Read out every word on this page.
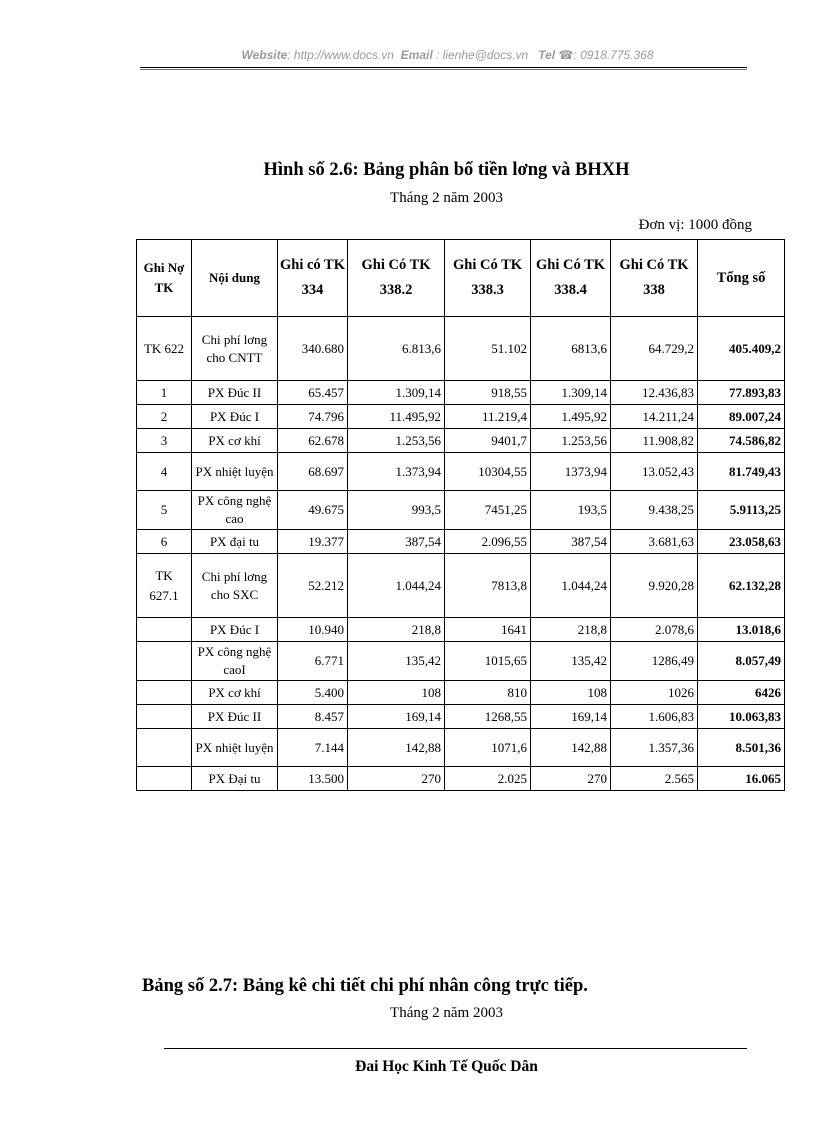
Website: http://www.docs.vn Email : lienhe@docs.vn Tel ☎: 0918.775.368
Hình số 2.6: Bảng phân bổ tiền lơng và BHXH
Tháng 2 năm 2003
Đơn vị: 1000 đồng
Ghi Nợ TK	Nội dung	Ghi có TK 334	Ghi Có TK 338.2	Ghi Có TK 338.3	Ghi Có TK 338.4	Ghi Có TK 338	Tổng số
TK 622	Chi phí lơng cho CNTT	340.680	6.813,6	51.102	6813,6	64.729,2	405.409,2
1	PX Đúc II	65.457	1.309,14	918,55	1.309,14	12.436,83	77.893,83
2	PX Đúc I	74.796	11.495,92	11.219,4	1.495,92	14.211,24	89.007,24
3	PX cơ khí	62.678	1.253,56	9401,7	1.253,56	11.908,82	74.586,82
4	PX nhiệt luyện	68.697	1.373,94	10304,55	1373,94	13.052,43	81.749,43
5	PX công nghệ cao	49.675	993,5	7451,25	193,5	9.438,25	5.9113,25
6	PX đại tu	19.377	387,54	2.096,55	387,54	3.681,63	23.058,63
TK 627.1	Chi phí lơng cho SXC	52.212	1.044,24	7813,8	1.044,24	9.920,28	62.132,28
	PX Đúc I	10.940	218,8	1641	218,8	2.078,6	13.018,6
	PX công nghệ caoI	6.771	135,42	1015,65	135,42	1286,49	8.057,49
	PX cơ khí	5.400	108	810	108	1026	6426
	PX Đúc II	8.457	169,14	1268,55	169,14	1.606,83	10.063,83
	PX nhiệt luyện	7.144	142,88	1071,6	142,88	1.357,36	8.501,36
	PX Đại tu	13.500	270	2.025	270	2.565	16.065
Bảng số 2.7: Bảng kê chi tiết chi phí nhân công trực tiếp.
Tháng 2 năm 2003
Đai Học Kinh Tế Quốc Dân
